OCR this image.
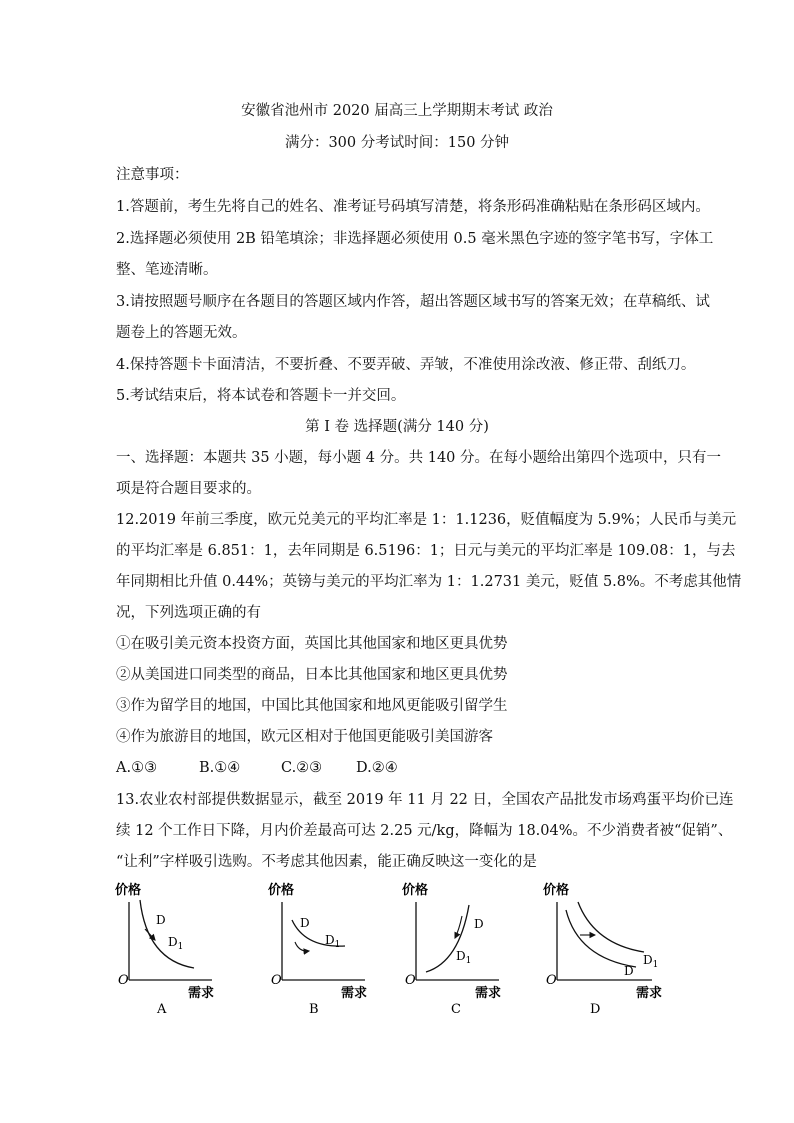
安徽省池州市 2020 届高三上学期期末考试 政治
满分：300 分考试时间：150 分钟
注意事项：
1.答题前，考生先将自己的姓名、准考证号码填写清楚，将条形码准确粘贴在条形码区域内。
2.选择题必须使用 2B 铅笔填涂；非选择题必须使用 0.5 毫米黑色字迹的签字笔书写，字体工
整、笔迹清晰。
3.请按照题号顺序在各题目的答题区域内作答，超出答题区域书写的答案无效；在草稿纸、试
题卷上的答题无效。
4.保持答题卡卡面清洁，不要折叠、不要弄破、弄皱，不准使用涂改液、修正带、刮纸刀。
5.考试结束后，将本试卷和答题卡一并交回。
第 I 卷 选择题(满分 140 分)
一、选择题：本题共 35 小题，每小题 4 分。共 140 分。在每小题给出第四个选项中，只有一
项是符合题目要求的。
12.2019 年前三季度，欧元兑美元的平均汇率是 1：1.1236，贬值幅度为 5.9%；人民币与美元
的平均汇率是 6.851：1，去年同期是 6.5196：1；日元与美元的平均汇率是 109.08：1，与去
年同期相比升值 0.44%；英镑与美元的平均汇率为 1：1.2731 美元，贬值 5.8%。不考虑其他情
况，下列选项正确的有
①在吸引美元资本投资方面，英国比其他国家和地区更具优势
②从美国进口同类型的商品，日本比其他国家和地区更具优势
③作为留学目的地国，中国比其他国家和地风更能吸引留学生
④作为旅游目的地国，欧元区相对于他国更能吸引美国游客
A.①③	B.①④	C.②③ D.②④
13.农业农村部提供数据显示，截至 2019 年 11 月 22 日，全国农产品批发市场鸡蛋平均价已连
续 12 个工作日下降，月内价差最高可达 2.25 元/kg，降幅为 18.04%。不少消费者被“促销”、
“让利”字样吸引选购。不考虑其他因素，能正确反映这一变化的是
价格
O
需求
D
$D_1$
A
价格
O
需求
D
$D_1$
B
价格
O
需求
D
$D_1$
C
价格
O
需求
D
$D_1$
D
